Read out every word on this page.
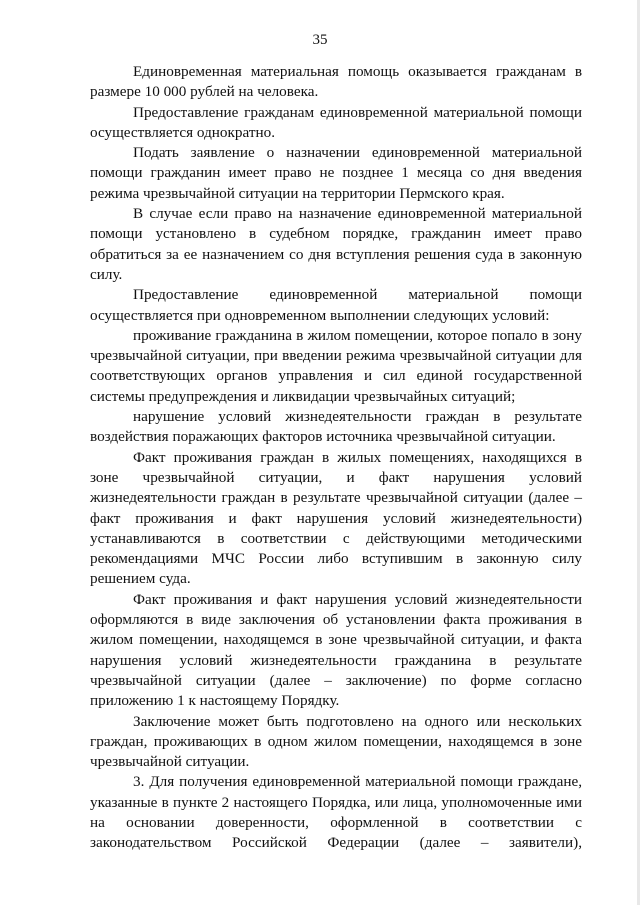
35

Единовременная материальная помощь оказывается гражданам в размере 10 000 рублей на человека.

Предоставление гражданам единовременной материальной помощи осуществляется однократно.

Подать заявление о назначении единовременной материальной помощи гражданин имеет право не позднее 1 месяца со дня введения режима чрезвычайной ситуации на территории Пермского края.

В случае если право на назначение единовременной материальной помощи установлено в судебном порядке, гражданин имеет право обратиться за ее назначением со дня вступления решения суда в законную силу.

Предоставление единовременной материальной помощи осуществляется при одновременном выполнении следующих условий:

проживание гражданина в жилом помещении, которое попало в зону чрезвычайной ситуации, при введении режима чрезвычайной ситуации для соответствующих органов управления и сил единой государственной системы предупреждения и ликвидации чрезвычайных ситуаций;

нарушение условий жизнедеятельности граждан в результате воздействия поражающих факторов источника чрезвычайной ситуации.

Факт проживания граждан в жилых помещениях, находящихся в зоне чрезвычайной ситуации, и факт нарушения условий жизнедеятельности граждан в результате чрезвычайной ситуации (далее – факт проживания и факт нарушения условий жизнедеятельности) устанавливаются в соответствии с действующими методическими рекомендациями МЧС России либо вступившим в законную силу решением суда.

Факт проживания и факт нарушения условий жизнедеятельности оформляются в виде заключения об установлении факта проживания в жилом помещении, находящемся в зоне чрезвычайной ситуации, и факта нарушения условий жизнедеятельности гражданина в результате чрезвычайной ситуации (далее – заключение) по форме согласно приложению 1 к настоящему Порядку.

Заключение может быть подготовлено на одного или нескольких граждан, проживающих в одном жилом помещении, находящемся в зоне чрезвычайной ситуации.

3. Для получения единовременной материальной помощи граждане, указанные в пункте 2 настоящего Порядка, или лица, уполномоченные ими на основании доверенности, оформленной в соответствии с законодательством Российской Федерации (далее – заявители),
